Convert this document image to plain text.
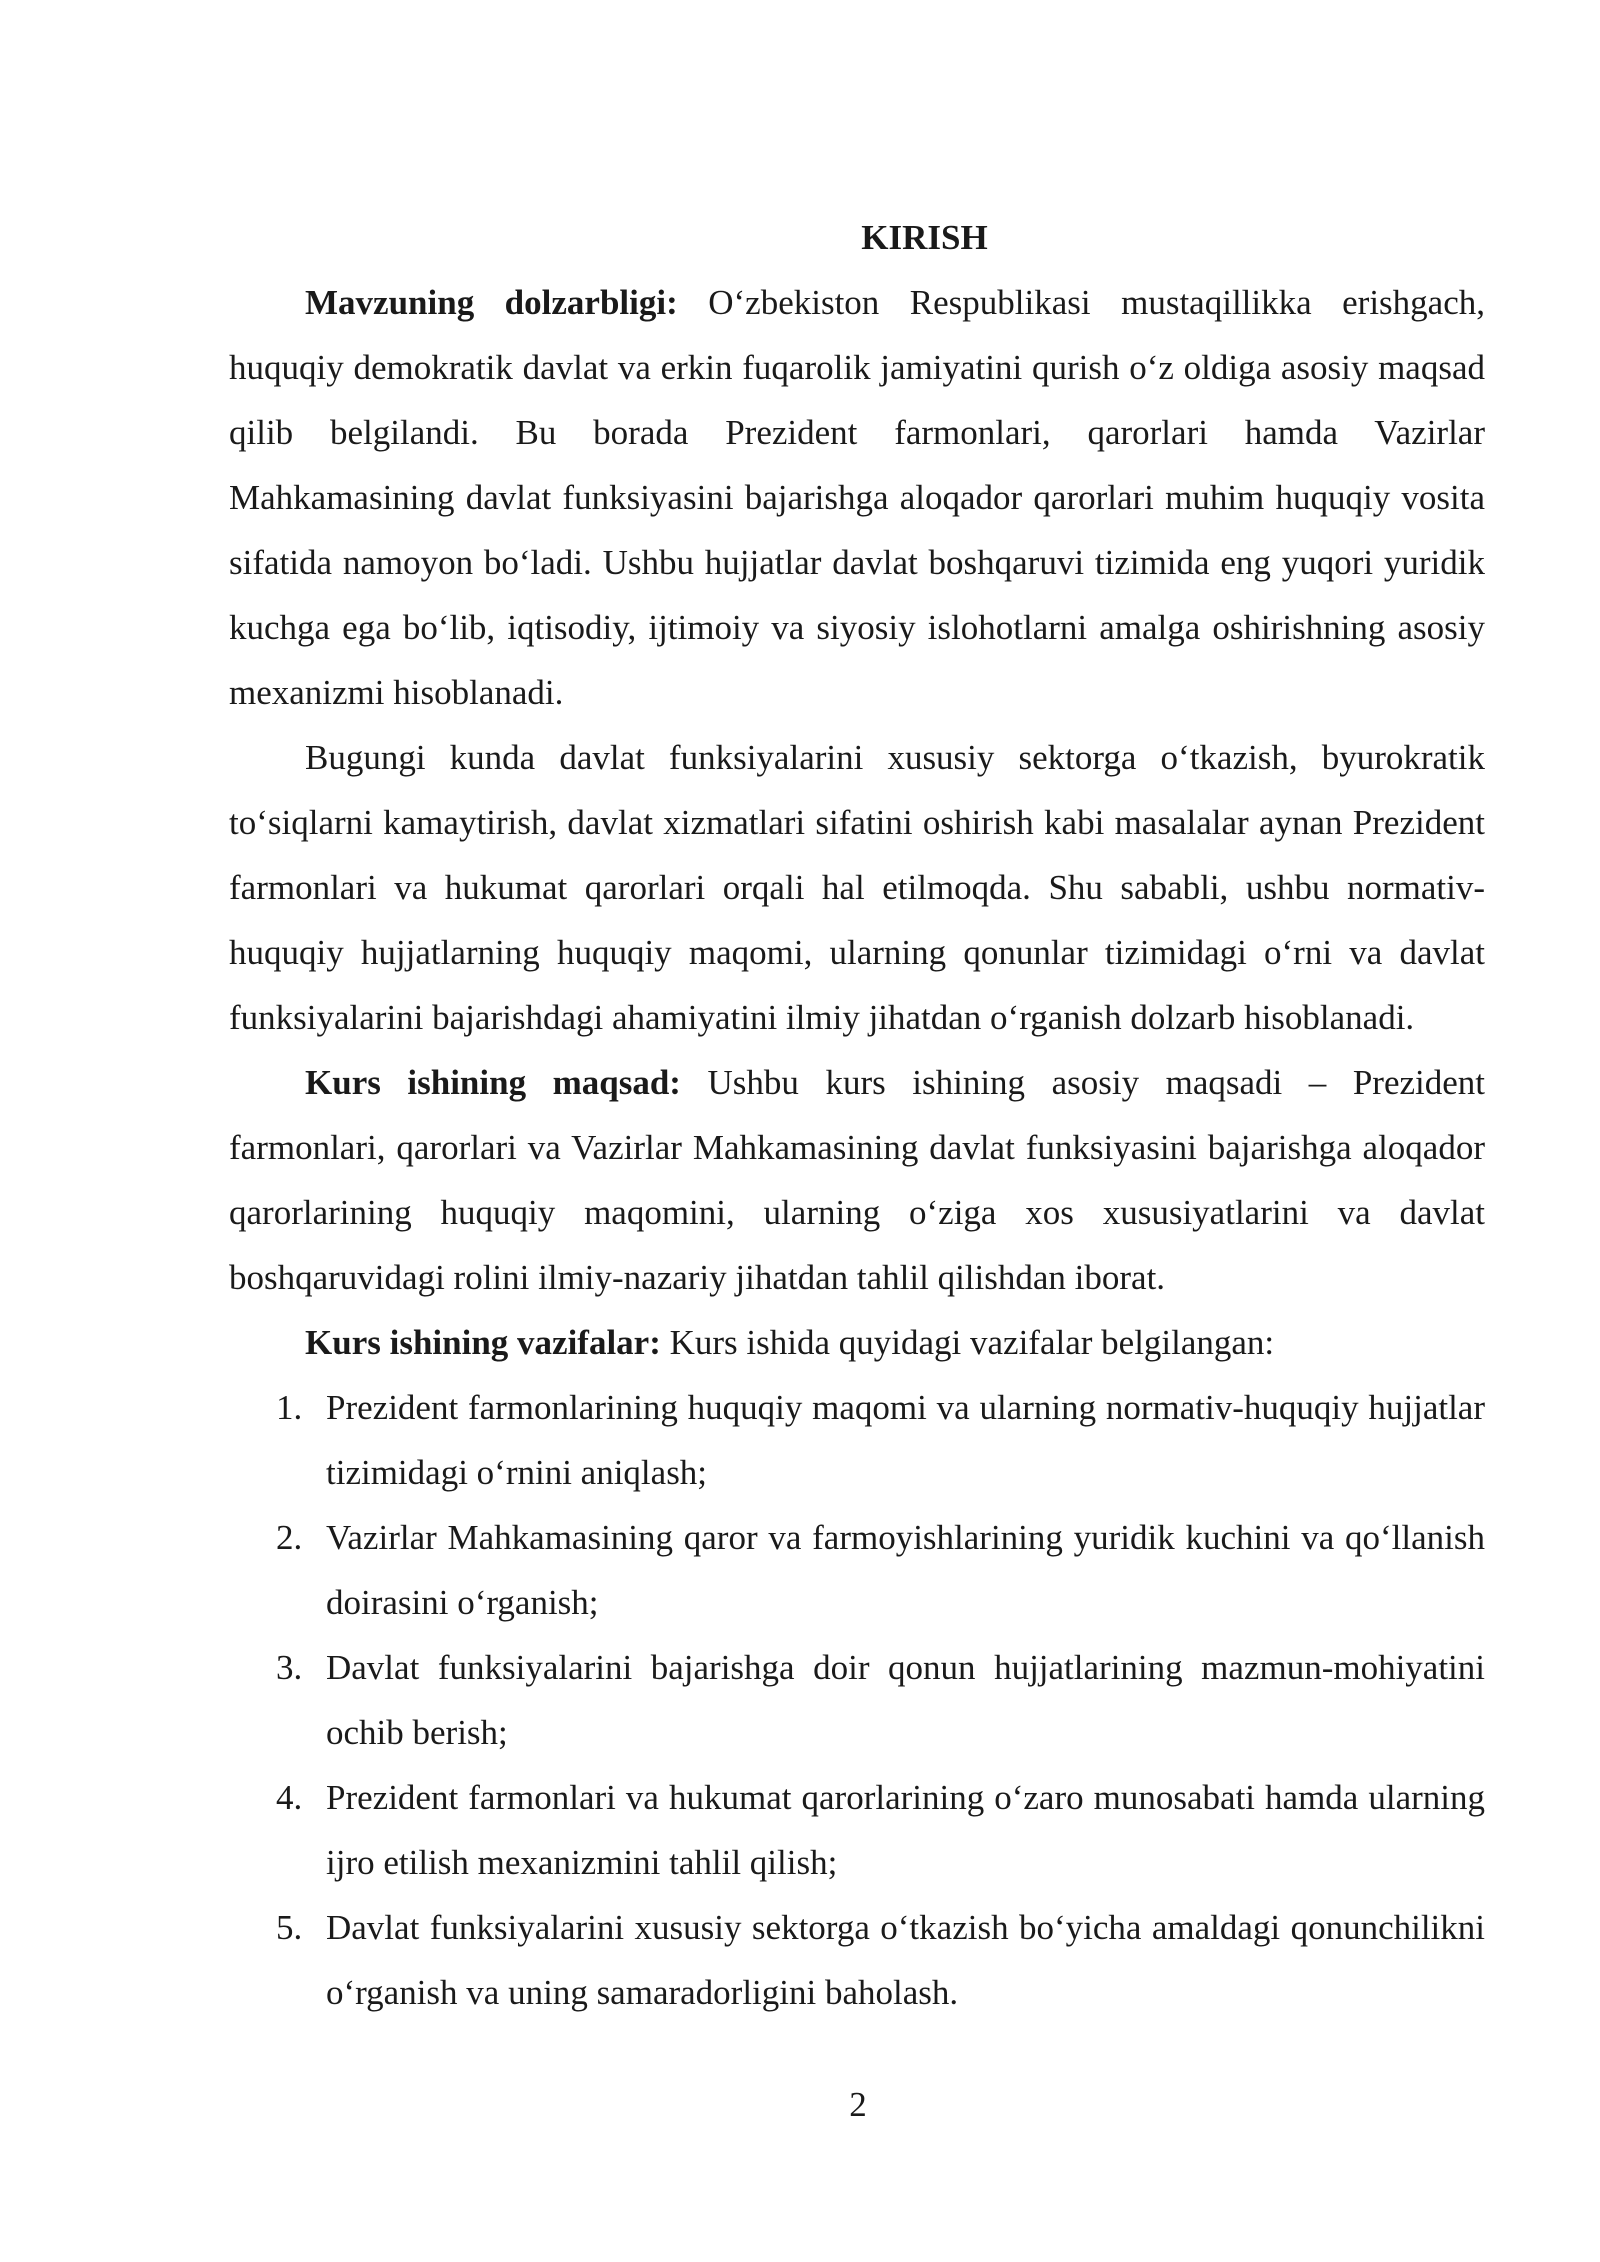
KIRISH

Mavzuning dolzarbligi: O‘zbekiston Respublikasi mustaqillikka erishgach, huquqiy demokratik davlat va erkin fuqarolik jamiyatini qurish o‘z oldiga asosiy maqsad qilib belgilandi. Bu borada Prezident farmonlari, qarorlari hamda Vazirlar Mahkamasining davlat funksiyasini bajarishga aloqador qarorlari muhim huquqiy vosita sifatida namoyon bo‘ladi. Ushbu hujjatlar davlat boshqaruvi tizimida eng yuqori yuridik kuchga ega bo‘lib, iqtisodiy, ijtimoiy va siyosiy islohotlarni amalga oshirishning asosiy mexanizmi hisoblanadi.

Bugungi kunda davlat funksiyalarini xususiy sektorga o‘tkazish, byurokratik to‘siqlarni kamaytirish, davlat xizmatlari sifatini oshirish kabi masalalar aynan Prezident farmonlari va hukumat qarorlari orqali hal etilmoqda. Shu sababli, ushbu normativ-huquqiy hujjatlarning huquqiy maqomi, ularning qonunlar tizimidagi o‘rni va davlat funksiyalarini bajarishdagi ahamiyatini ilmiy jihatdan o‘rganish dolzarb hisoblanadi.

Kurs ishining maqsad: Ushbu kurs ishining asosiy maqsadi – Prezident farmonlari, qarorlari va Vazirlar Mahkamasining davlat funksiyasini bajarishga aloqador qarorlarining huquqiy maqomini, ularning o‘ziga xos xususiyatlarini va davlat boshqaruvidagi rolini ilmiy-nazariy jihatdan tahlil qilishdan iborat.

Kurs ishining vazifalar: Kurs ishida quyidagi vazifalar belgilangan:

1. Prezident farmonlarining huquqiy maqomi va ularning normativ-huquqiy hujjatlar tizimidagi o‘rnini aniqlash;
2. Vazirlar Mahkamasining qaror va farmoyishlarining yuridik kuchini va qo‘llanish doirasini o‘rganish;
3. Davlat funksiyalarini bajarishga doir qonun hujjatlarining mazmun-mohiyatini ochib berish;
4. Prezident farmonlari va hukumat qarorlarining o‘zaro munosabati hamda ularning ijro etilish mexanizmini tahlil qilish;
5. Davlat funksiyalarini xususiy sektorga o‘tkazish bo‘yicha amaldagi qonunchilikni o‘rganish va uning samaradorligini baholash.

2
